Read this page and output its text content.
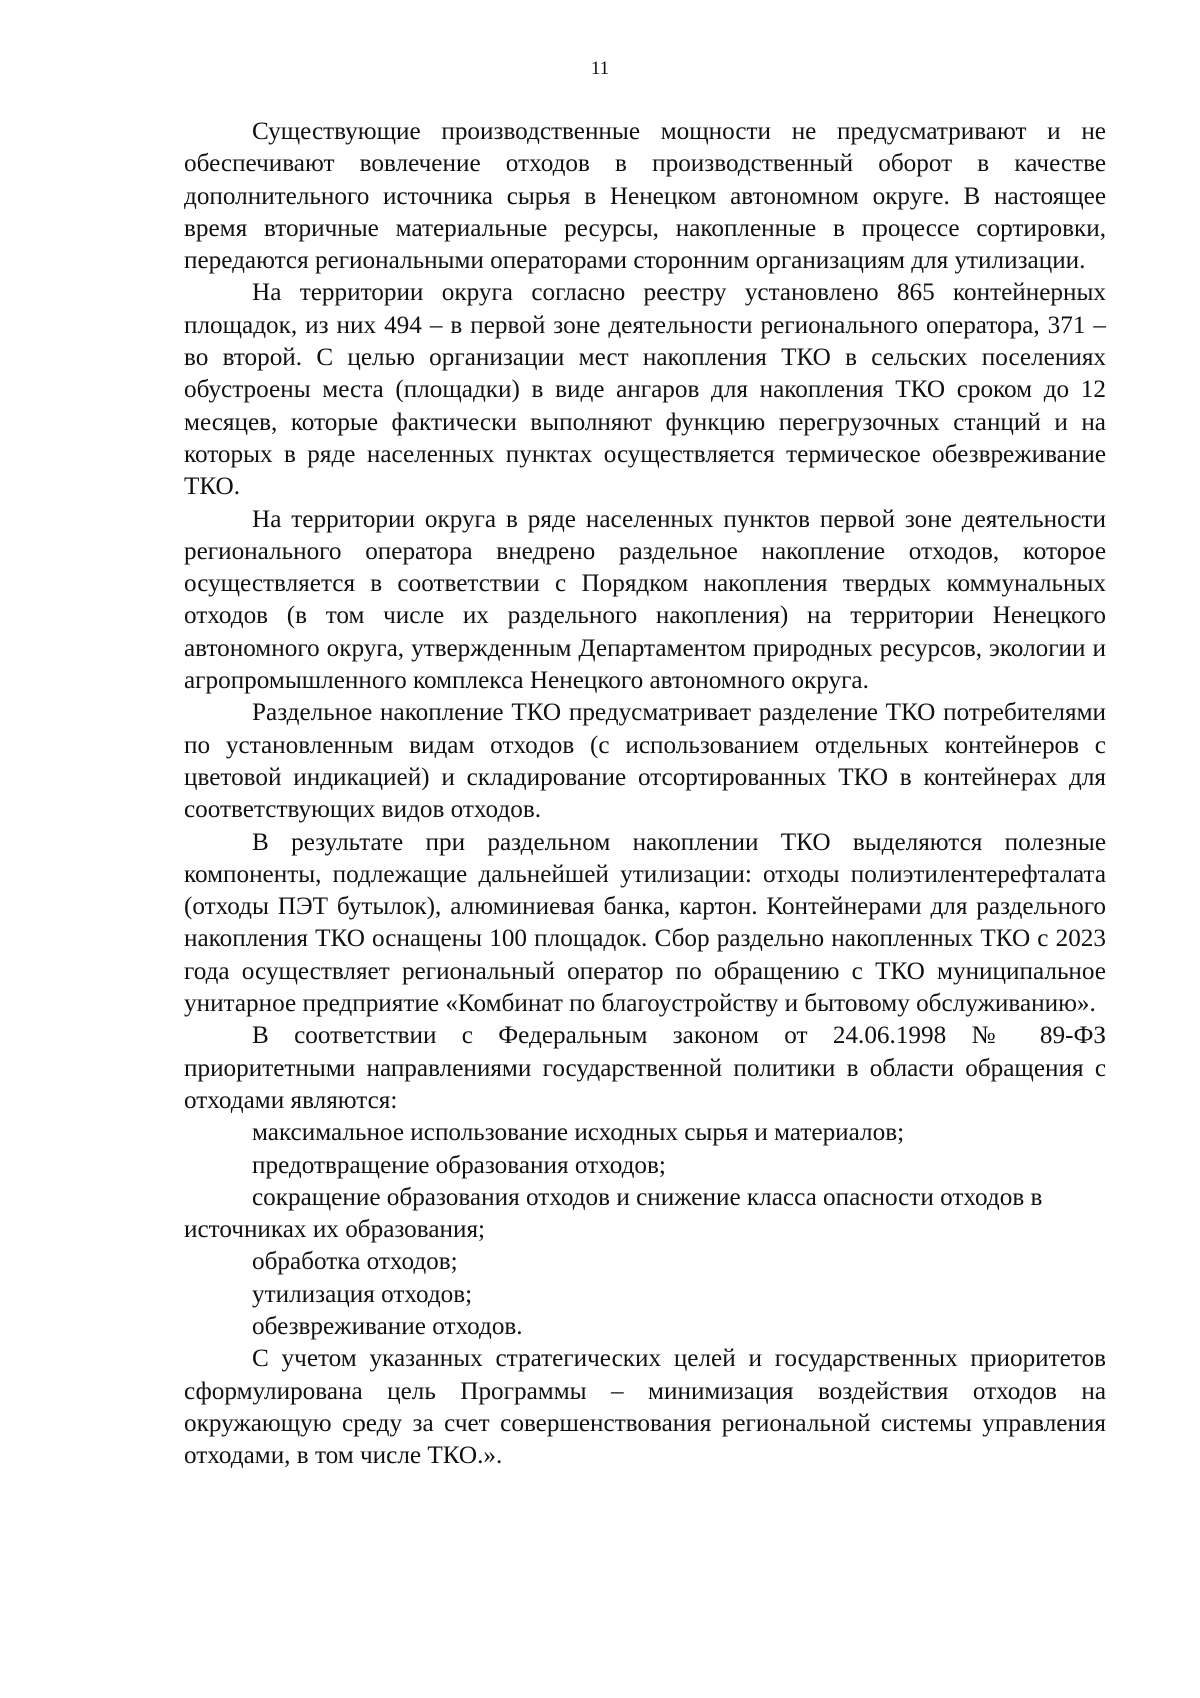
11

Существующие производственные мощности не предусматривают и не обеспечивают вовлечение отходов в производственный оборот в качестве дополнительного источника сырья в Ненецком автономном округе. В настоящее время вторичные материальные ресурсы, накопленные в процессе сортировки, передаются региональными операторами сторонним организациям для утилизации.

На территории округа согласно реестру установлено 865 контейнерных площадок, из них 494 – в первой зоне деятельности регионального оператора, 371 – во второй. С целью организации мест накопления ТКО в сельских поселениях обустроены места (площадки) в виде ангаров для накопления ТКО сроком до 12 месяцев, которые фактически выполняют функцию перегрузочных станций и на которых в ряде населенных пунктах осуществляется термическое обезвреживание ТКО.

На территории округа в ряде населенных пунктов первой зоне деятельности регионального оператора внедрено раздельное накопление отходов, которое осуществляется в соответствии с Порядком накопления твердых коммунальных отходов (в том числе их раздельного накопления) на территории Ненецкого автономного округа, утвержденным Департаментом природных ресурсов, экологии и агропромышленного комплекса Ненецкого автономного округа.

Раздельное накопление ТКО предусматривает разделение ТКО потребителями по установленным видам отходов (с использованием отдельных контейнеров с цветовой индикацией) и складирование отсортированных ТКО в контейнерах для соответствующих видов отходов.

В результате при раздельном накоплении ТКО выделяются полезные компоненты, подлежащие дальнейшей утилизации: отходы полиэтилентерефталата (отходы ПЭТ бутылок), алюминиевая банка, картон. Контейнерами для раздельного накопления ТКО оснащены 100 площадок. Сбор раздельно накопленных ТКО с 2023 года осуществляет региональный оператор по обращению с ТКО муниципальное унитарное предприятие «Комбинат по благоустройству и бытовому обслуживанию».

В соответствии с Федеральным законом от 24.06.1998 № 89-ФЗ приоритетными направлениями государственной политики в области обращения с отходами являются:

максимальное использование исходных сырья и материалов;

предотвращение образования отходов;

сокращение образования отходов и снижение класса опасности отходов в источниках их образования;

обработка отходов;

утилизация отходов;

обезвреживание отходов.

С учетом указанных стратегических целей и государственных приоритетов сформулирована цель Программы – минимизация воздействия отходов на окружающую среду за счет совершенствования региональной системы управления отходами, в том числе ТКО.».
